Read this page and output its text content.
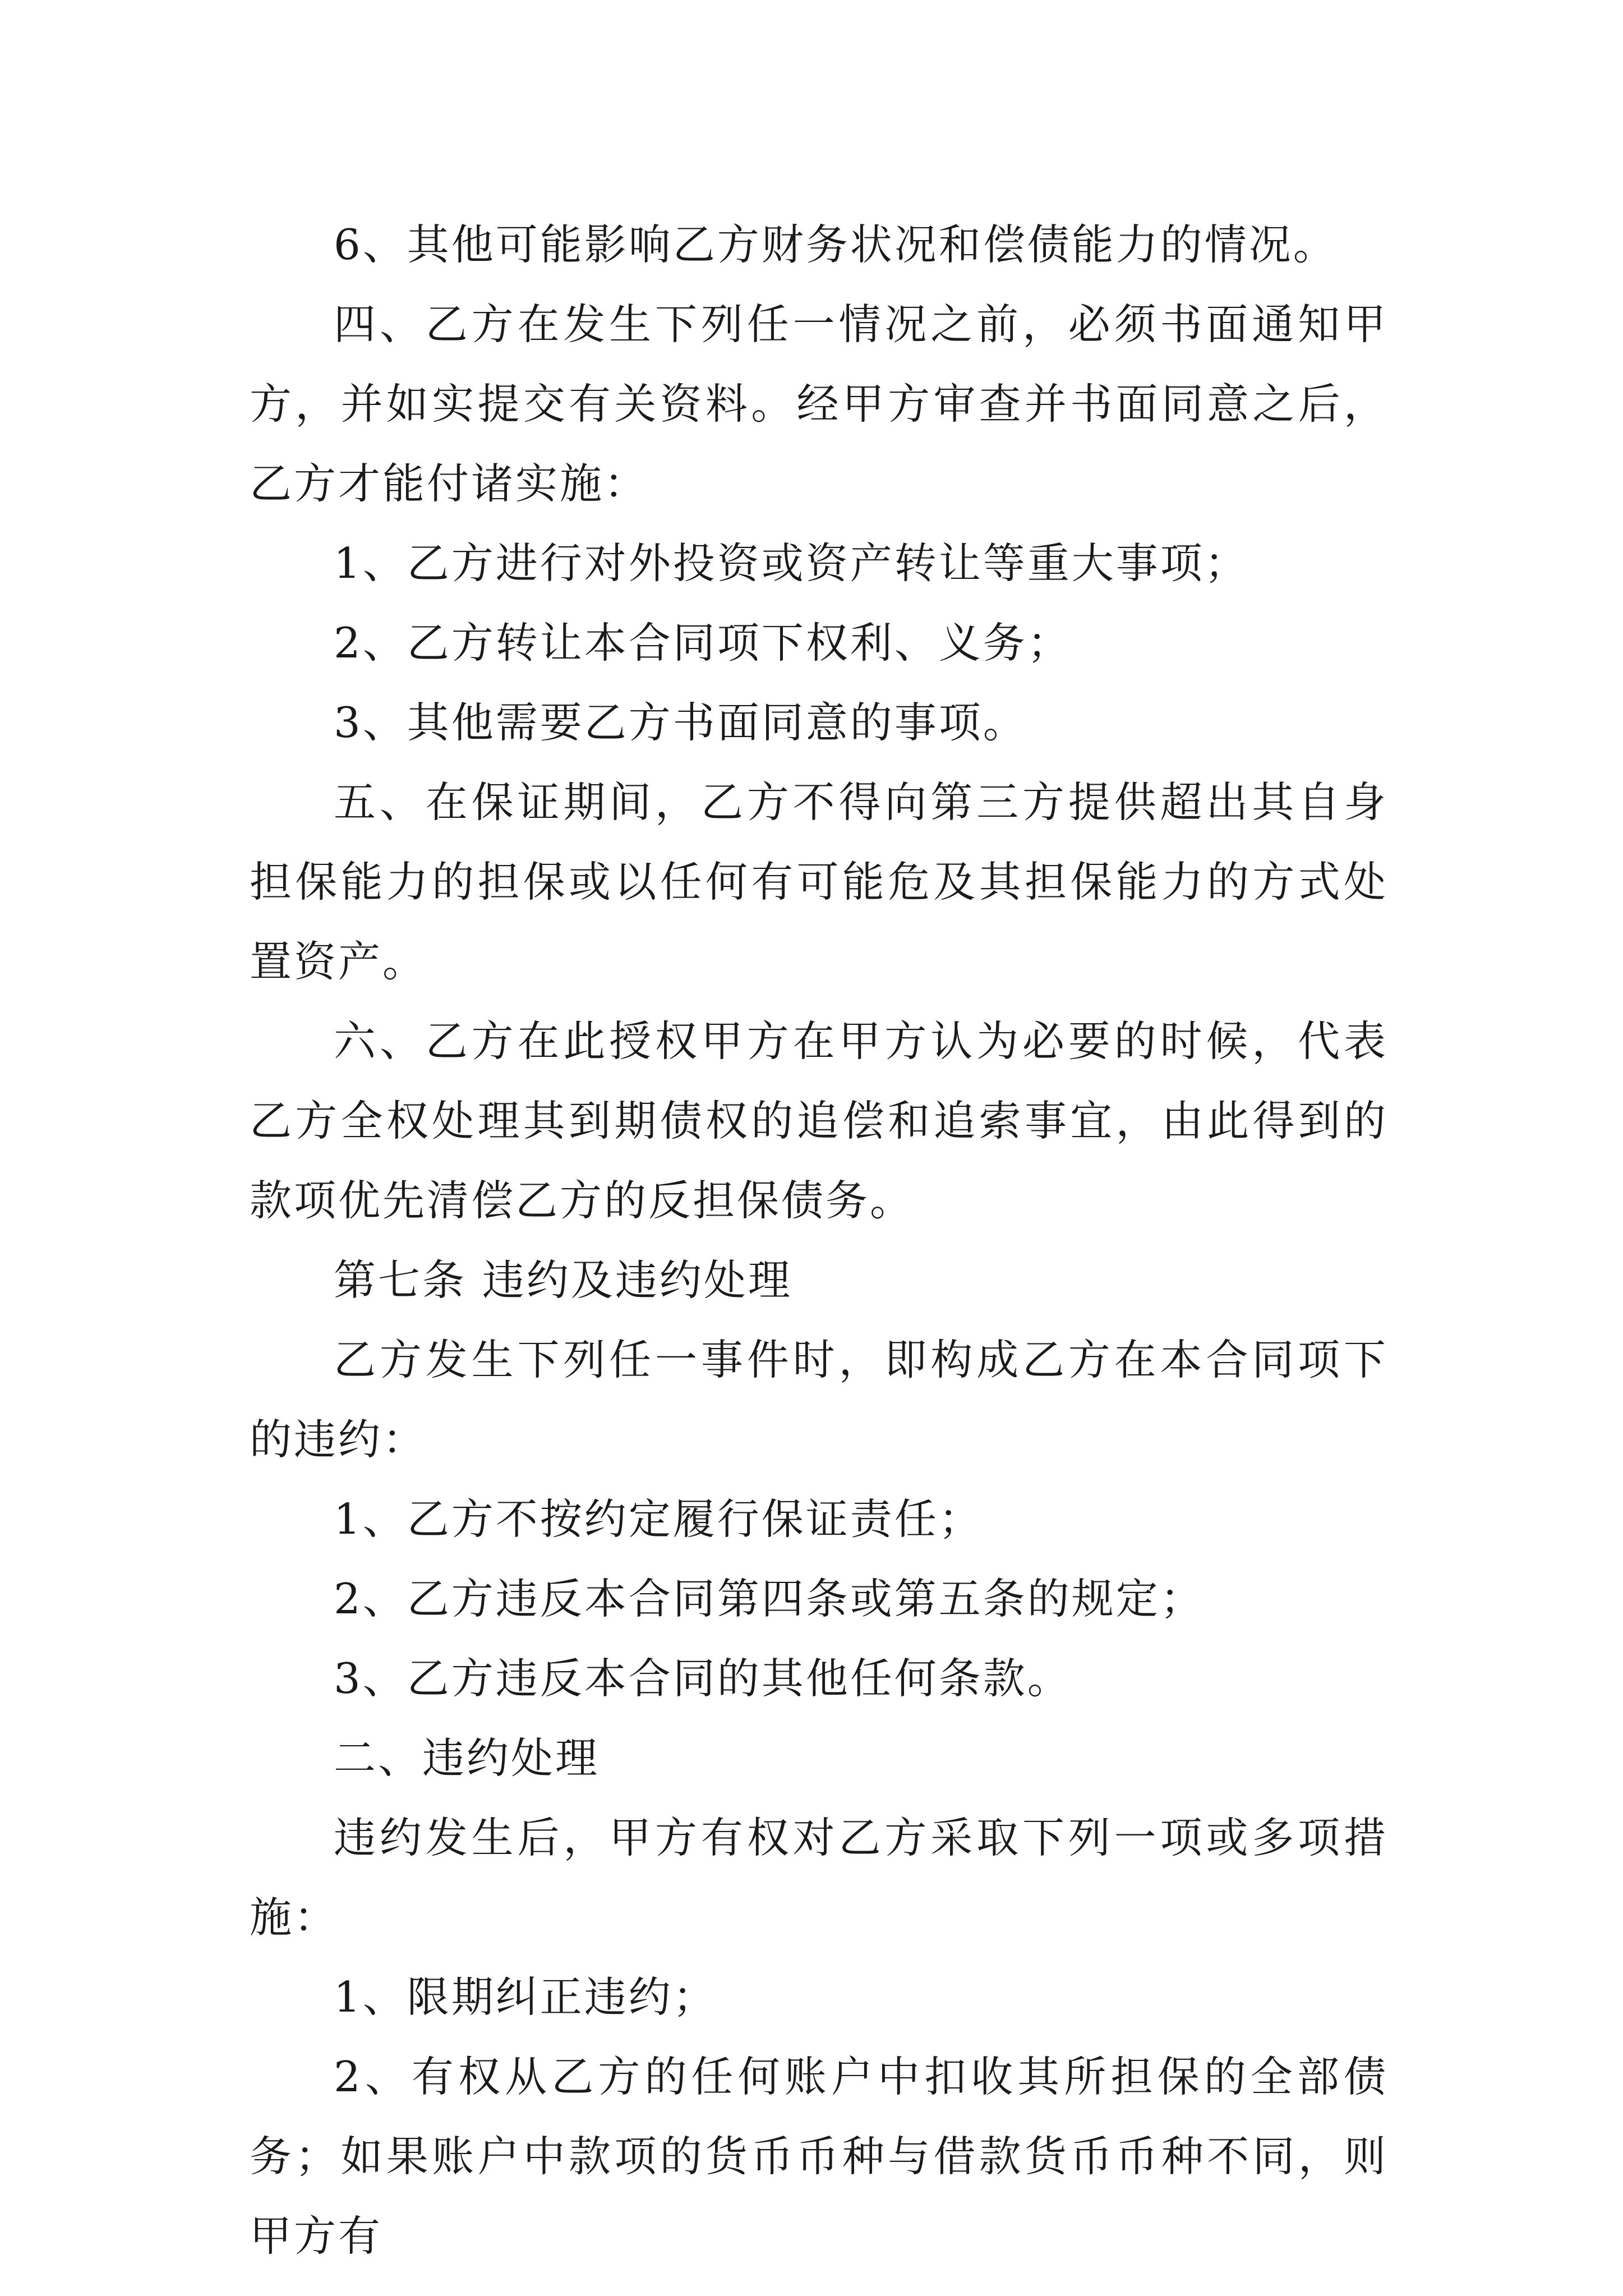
6、其他可能影响乙方财务状况和偿债能力的情况。

四、乙方在发生下列任一情况之前，必须书面通知甲方，并如实提交有关资料。经甲方审查并书面同意之后，乙方才能付诸实施：

1、乙方进行对外投资或资产转让等重大事项；

2、乙方转让本合同项下权利、义务；

3、其他需要乙方书面同意的事项。

五、在保证期间，乙方不得向第三方提供超出其自身担保能力的担保或以任何有可能危及其担保能力的方式处置资产。

六、乙方在此授权甲方在甲方认为必要的时候，代表乙方全权处理其到期债权的追偿和追索事宜，由此得到的款项优先清偿乙方的反担保债务。

第七条 违约及违约处理

乙方发生下列任一事件时，即构成乙方在本合同项下的违约：

1、乙方不按约定履行保证责任；

2、乙方违反本合同第四条或第五条的规定；

3、乙方违反本合同的其他任何条款。

二、违约处理

违约发生后，甲方有权对乙方采取下列一项或多项措施：

1、限期纠正违约；

2、有权从乙方的任何账户中扣收其所担保的全部债务；如果账户中款项的货币币种与借款货币币种不同，则甲方有
